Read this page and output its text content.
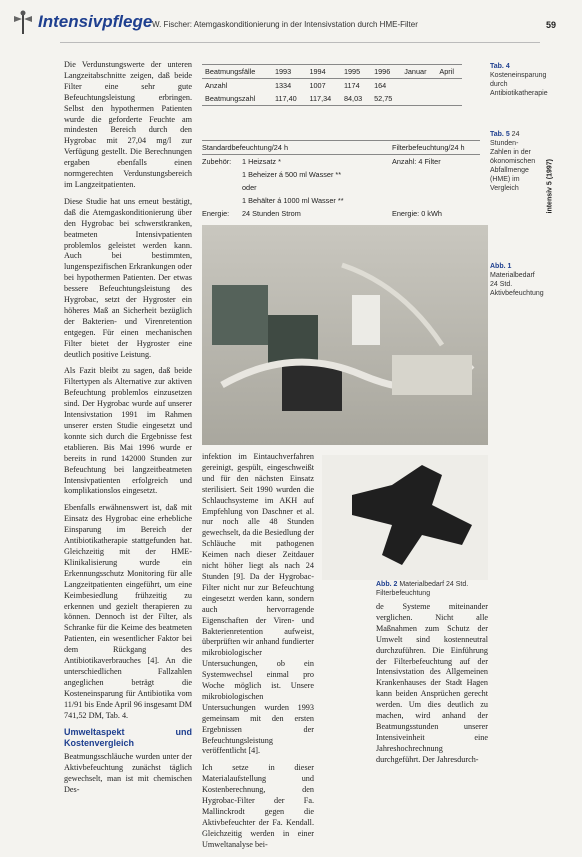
Intensivpflege W. Fischer: Atemgaskonditionierung in der Intensivstation durch HME-Filter	59
intensiv 5 (1997)

Die Verdunstungswerte der unteren Langzeitabschnitte zeigen, daß beide Filter eine sehr gute Befeuchtungsleistung erbringen. Selbst den hypothermen Patienten wurde die geforderte Feuchte am mindesten Bereich durch den Hygrobac mit 27,04 mg/l zur Verfügung gestellt. Die Berechnungen ergaben ebenfalls einen normgerechten Verdunstungsbereich im Langzeitpatienten.

Diese Studie hat uns erneut bestätigt, daß die Atemgaskonditionierung über den Hygrobac bei schwerstkranken, beatmeten Intensivpatienten problemlos geleistet werden kann. Auch bei bestimmten, lungenspezifischen Erkrankungen oder bei hypothermen Patienten. Der etwas bessere Befeuchtungsleistung des Hygrobac, setzt der Hygroster ein höheres Maß an Sicherheit bezüglich der Bakterien- und Virenretention entgegen. Für einen mechanischen Filter bietet der Hygroster eine deutlich positive Leistung.

Als Fazit bleibt zu sagen, daß beide Filtertypen als Alternative zur aktiven Befeuchtung problemlos einzusetzen sind. Der Hygrobac wurde auf unserer Intensivstation 1991 im Rahmen unserer ersten Studie eingesetzt und konnte sich durch die Ergebnisse fest etablieren. Bis Mai 1996 wurde er bereits in rund 142000 Stunden zur Befeuchtung bei langzeitbeatmeten Intensivpatienten erfolgreich und komplikationslos eingesetzt.

Ebenfalls erwähnenswert ist, daß mit Einsatz des Hygrobac eine erhebliche Einsparung im Bereich der Antibiotikatherapie stattgefunden hat. Gleichzeitig mit der HME-Klinikalisierung wurde ein Erkennungsschutz Monitoring für alle Langzeitpatienten eingeführt, um eine Keimbesiedlung frühzeitig zu erkennen und gezielt therapieren zu können. Dennoch ist der Filter, als Schranke für die Keime des beatmeten Patienten, ein wesentlicher Faktor bei dem Rückgang des Antibiotikaverbrauches [4]. An die unterschiedlichen Fallzahlen angeglichen beträgt die Kosteneinsparung für Antibiotika vom 11/91 bis Ende April 96 insgesamt DM 741,52 DM, Tab. 4.

Umweltaspekt und Kostenvergleich

Beatmungsschläuche wurden unter der Aktivbefeuchtung zunächst täglich gewechselt, man ist mit chemischen Des-

Beatmungsfälle	1993	1994	1995	1996	Januar	April
Anzahl	1334	1007	1174	164		
Beatmungszahl	117,40	117,34	84,03	52,75		
Tab. 4 Kosteneinsparung durch Antibiotikatherapie
Standardbefeuchtung/24 h	Filterbefeuchtung/24 h
Zubehör:	1 Heizsatz *	Anzahl: 4 Filter
1 Beheizer á 500 ml Wasser **
oder
1 Behälter á 1000 ml Wasser **
Energie:	24 Stunden Strom	Energie: 0 kWh
Tab. 5 24 Stunden-Zahlen in der ökonomischen Abfallmenge (HME) im Vergleich
Abb. 1 Materialbedarf 24 Std. Aktivbefeuchtung

infektion im Eintauchverfahren gereinigt, gespült, eingeschweißt und für den nächsten Einsatz sterilisiert. Seit 1990 wurden die Schlauchsysteme im AKH auf Empfehlung von Daschner et al. nur noch alle 48 Stunden gewechselt, da die Besiedlung der Schläuche mit pathogenen Keimen nach dieser Zeitdauer nicht höher liegt als nach 24 Stunden [9]. Da der Hygrobac-Filter nicht nur zur Befeuchtung eingesetzt werden kann, sondern auch hervorragende Eigenschaften der Viren- und Bakterienretention aufweist, überprüften wir anhand fundierter mikrobiologischer Untersuchungen, ob ein Systemwechsel einmal pro Woche möglich ist. Unsere mikrobiologischen Untersuchungen wurden 1993 gemeinsam mit den ersten Ergebnissen der Befeuchtungsleistung veröffentlicht [4].

Ich setze in dieser Materialaufstellung und Kostenberechnung, den Hygrobac-Filter der Fa. Mallinckrodt gegen die Aktivbefeuchter der Fa. Kendall. Gleichzeitig werden in einer Umweltanalyse bei-

Abb. 2 Materialbedarf 24 Std. Filterbefeuchtung

de Systeme miteinander verglichen. Nicht alle Maßnahmen zum Schutz der Umwelt sind kostenneutral durchzuführen. Die Einführung der Filterbefeuchtung auf der Intensivstation des Allgemeinen Krankenhauses der Stadt Hagen kann beiden Ansprüchen gerecht werden. Um dies deutlich zu machen, wird anhand der Beatmungsstunden unserer Intensiveinheit eine Jahreshochrechnung durchgeführt. Der Jahresdurch-
